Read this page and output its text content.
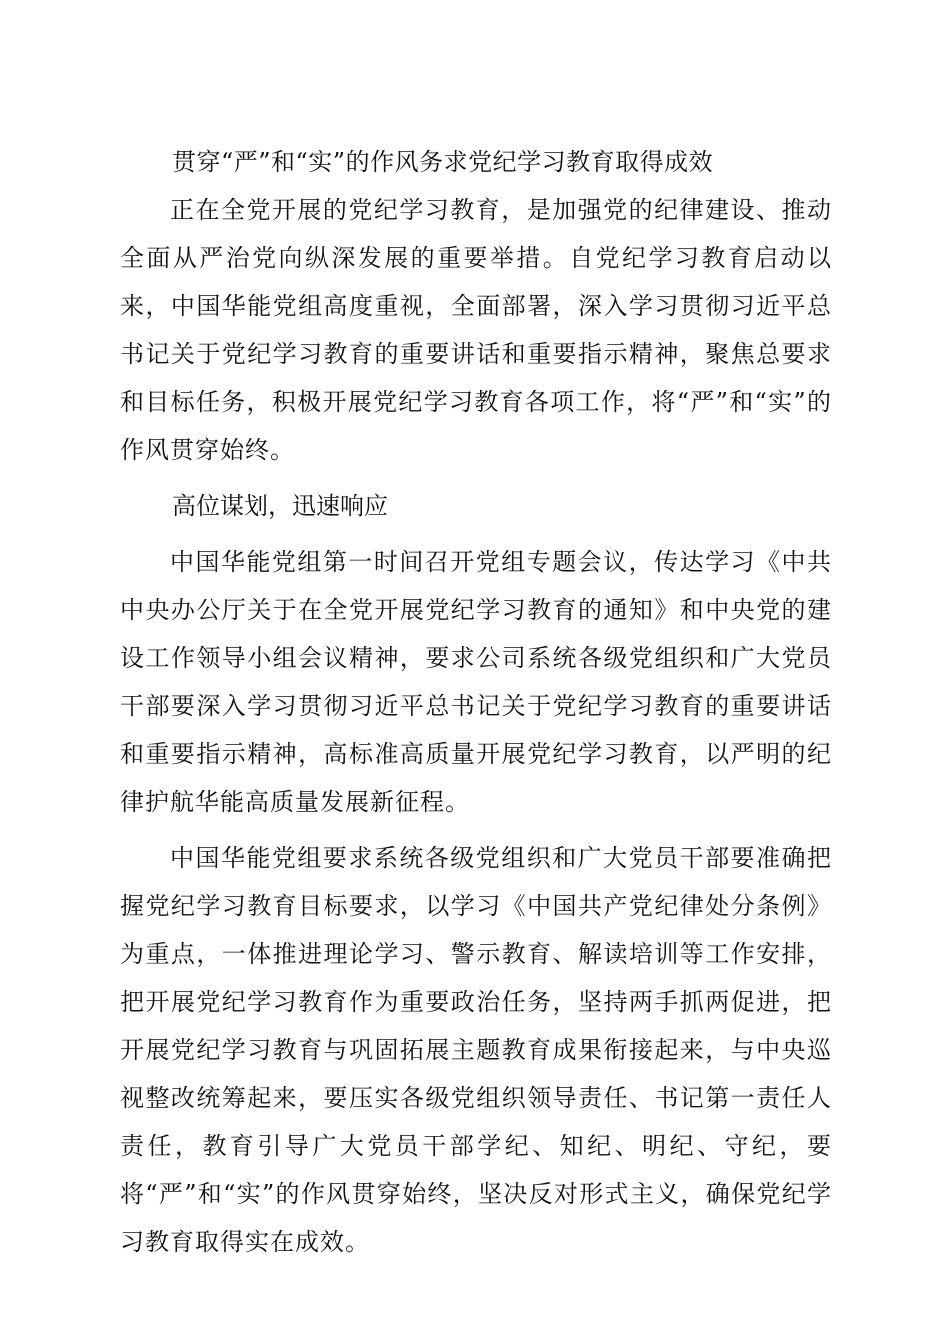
贯穿“严”和“实”的作风务求党纪学习教育取得成效

正在全党开展的党纪学习教育，是加强党的纪律建设、推动全面从严治党向纵深发展的重要举措。自党纪学习教育启动以来，中国华能党组高度重视，全面部署，深入学习贯彻习近平总书记关于党纪学习教育的重要讲话和重要指示精神，聚焦总要求和目标任务，积极开展党纪学习教育各项工作，将“严”和“实”的作风贯穿始终。

高位谋划，迅速响应

中国华能党组第一时间召开党组专题会议，传达学习《中共中央办公厅关于在全党开展党纪学习教育的通知》和中央党的建设工作领导小组会议精神，要求公司系统各级党组织和广大党员干部要深入学习贯彻习近平总书记关于党纪学习教育的重要讲话和重要指示精神，高标准高质量开展党纪学习教育，以严明的纪律护航华能高质量发展新征程。

中国华能党组要求系统各级党组织和广大党员干部要准确把握党纪学习教育目标要求，以学习《中国共产党纪律处分条例》为重点，一体推进理论学习、警示教育、解读培训等工作安排，把开展党纪学习教育作为重要政治任务，坚持两手抓两促进，把开展党纪学习教育与巩固拓展主题教育成果衔接起来，与中央巡视整改统筹起来，要压实各级党组织领导责任、书记第一责任人责任，教育引导广大党员干部学纪、知纪、明纪、守纪，要将“严”和“实”的作风贯穿始终，坚决反对形式主义，确保党纪学习教育取得实在成效。
